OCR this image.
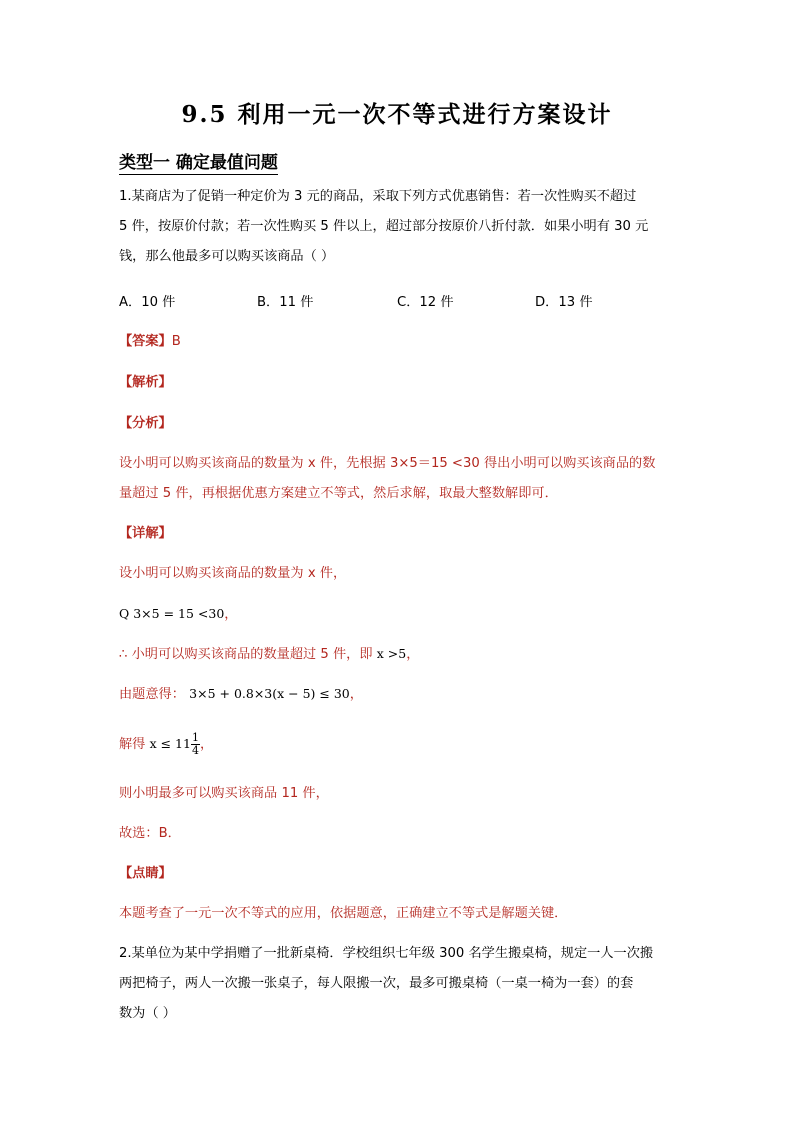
9.5 利用一元一次不等式进行方案设计
类型一 确定最值问题
1.某商店为了促销一种定价为 3 元的商品，采取下列方式优惠销售：若一次性购买不超过
5 件，按原价付款；若一次性购买 5 件以上，超过部分按原价八折付款．如果小明有 30 元
钱，那么他最多可以购买该商品（ ）
A．10 件	B．11 件	C．12 件	D．13 件
【答案】B
【解析】
【分析】
设小明可以购买该商品的数量为 x 件，先根据 3×5＝15 <30 得出小明可以购买该商品的数
量超过 5 件，再根据优惠方案建立不等式，然后求解，取最大整数解即可．
【详解】
设小明可以购买该商品的数量为 x 件，
Q 3×5 = 15 <30，
∴ 小明可以购买该商品的数量超过 5 件，即 x >5，
由题意得： 3×5 + 0.8×3(x − 5) ≤ 30，
解得 $x \le 11 \frac{1}{4}$ ，
则小明最多可以购买该商品 11 件，
故选：B．
【点睛】
本题考查了一元一次不等式的应用，依据题意，正确建立不等式是解题关键．
2.某单位为某中学捐赠了一批新桌椅．学校组织七年级 300 名学生搬桌椅，规定一人一次搬
两把椅子，两人一次搬一张桌子，每人限搬一次，最多可搬桌椅（一桌一椅为一套）的套
数为（ ）
